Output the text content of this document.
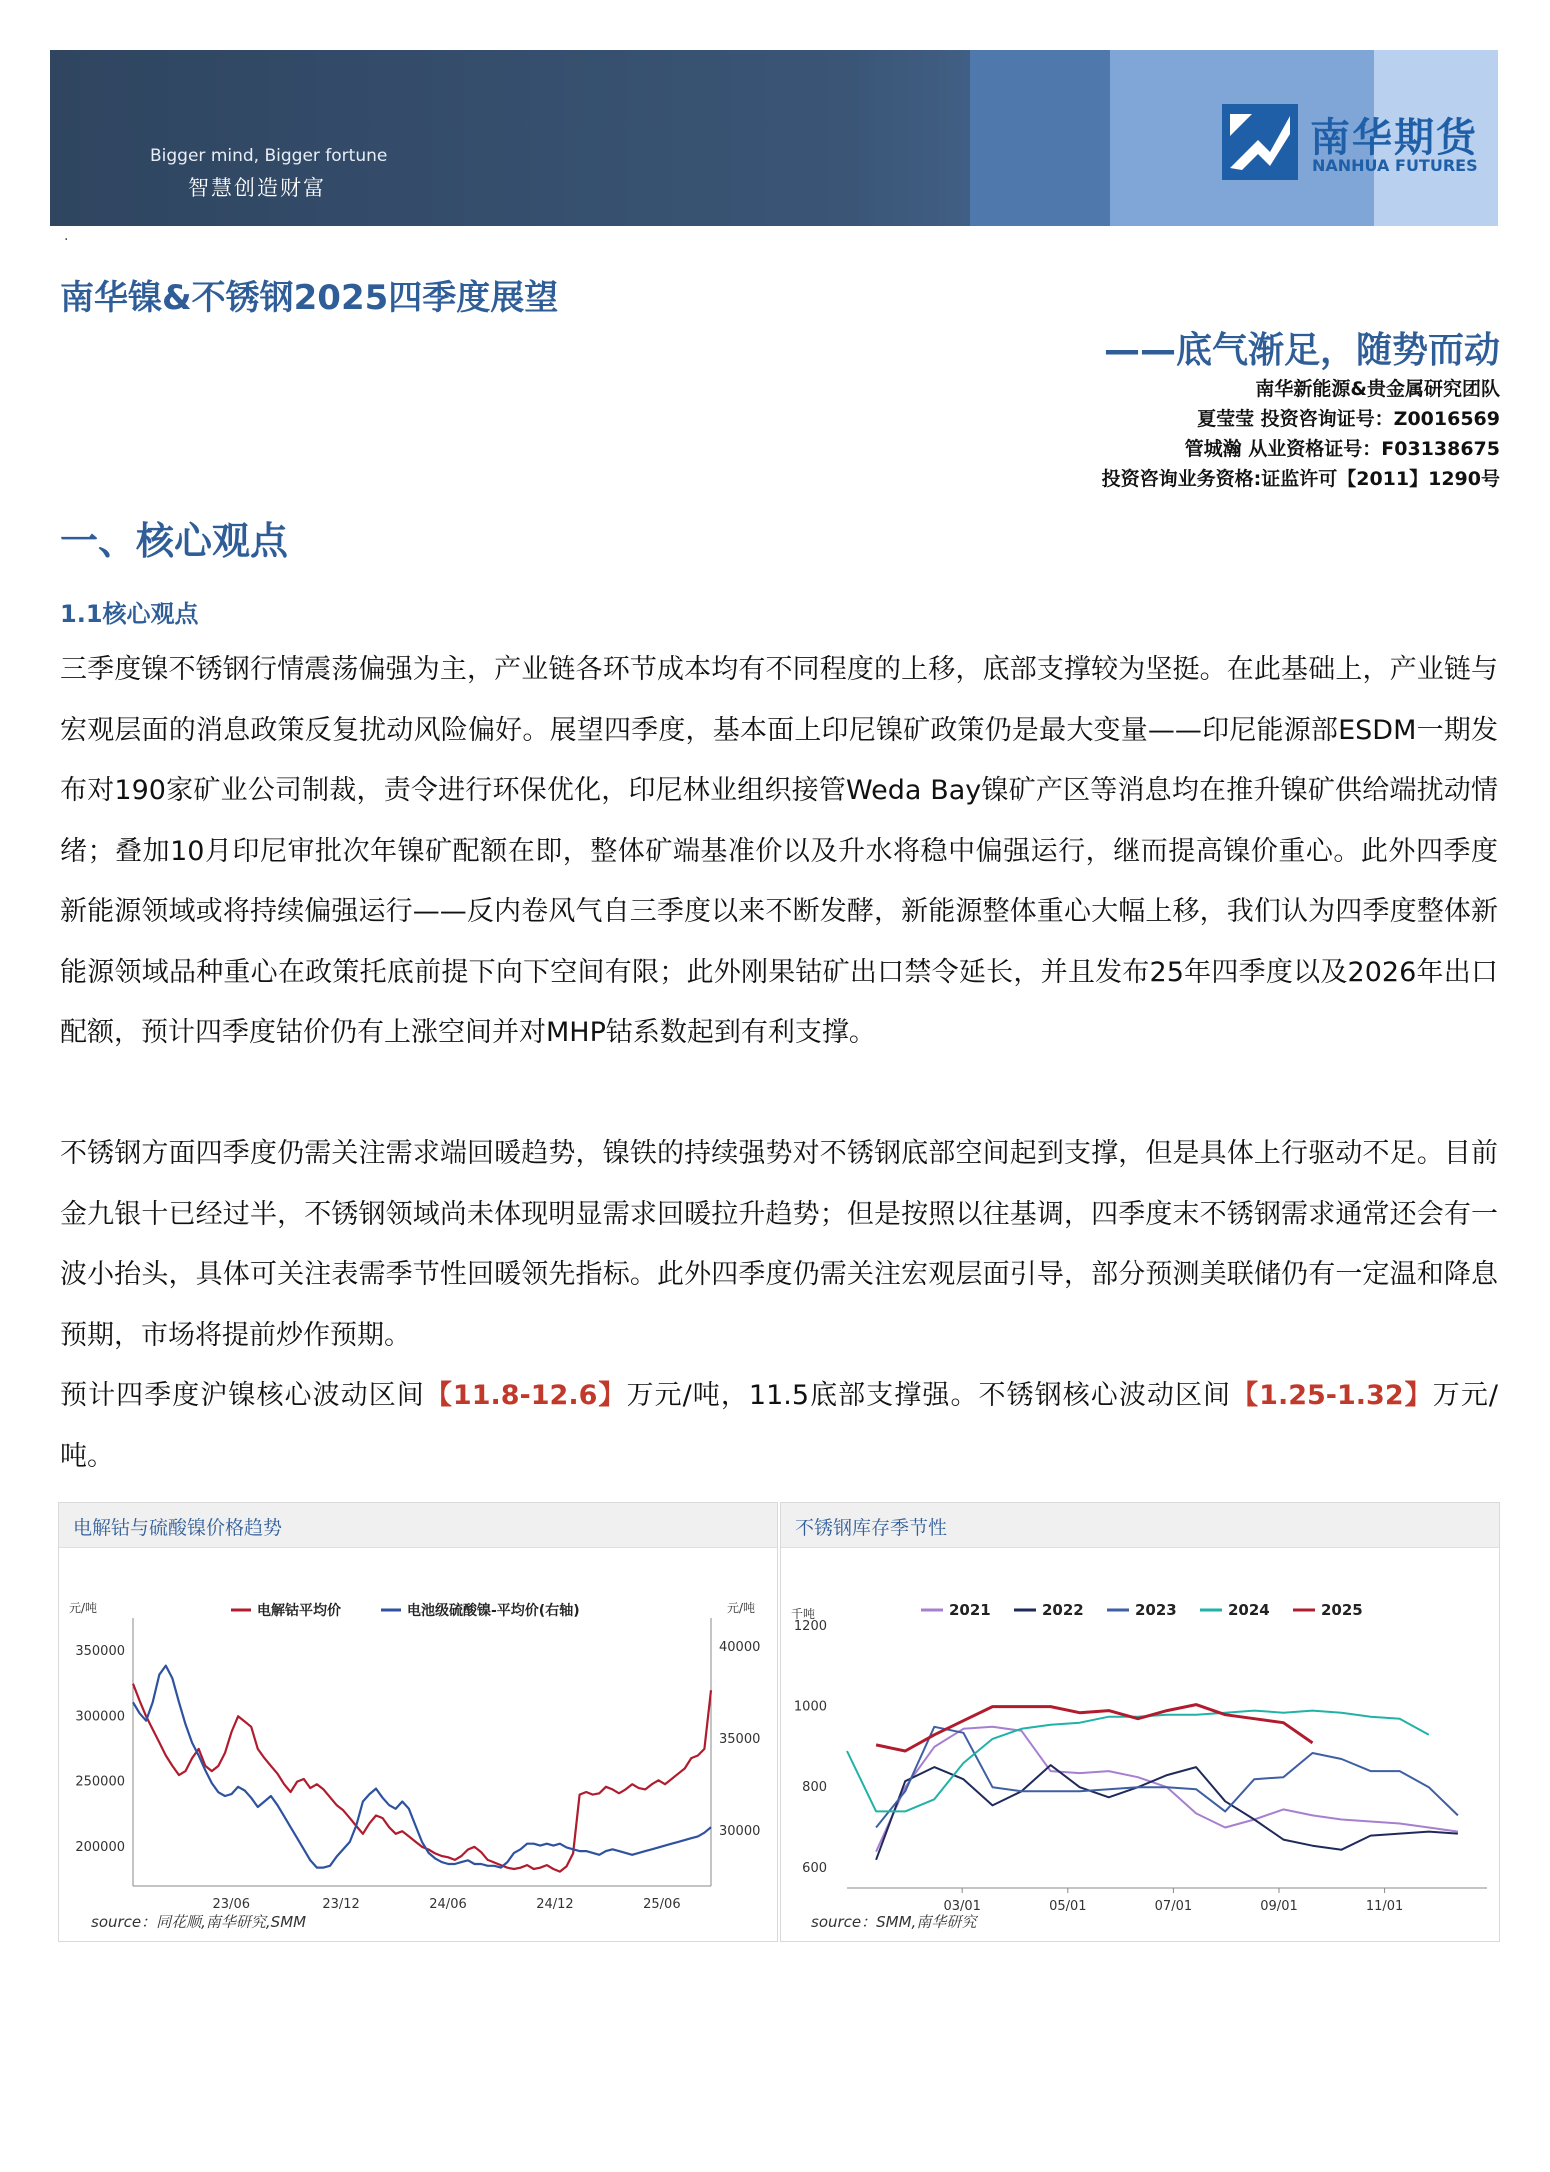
Bigger mind, Bigger fortune
智慧创造财富
南华期货
NANHUA FUTURES
·
南华镍&不锈钢2025四季度展望
——底气渐足，随势而动
南华新能源&贵金属研究团队
夏莹莹 投资咨询证号：Z0016569
管城瀚 从业资格证号：F03138675
投资咨询业务资格:证监许可【2011】1290号
一、核心观点
1.1核心观点

三季度镍不锈钢行情震荡偏强为主，产业链各环节成本均有不同程度的上移，底部支撑较为坚挺。在此基础上，产业链与宏观层面的消息政策反复扰动风险偏好。展望四季度，基本面上印尼镍矿政策仍是最大变量——印尼能源部ESDM一期发布对190家矿业公司制裁，责令进行环保优化，印尼林业组织接管Weda Bay镍矿产区等消息均在推升镍矿供给端扰动情绪；叠加10月印尼审批次年镍矿配额在即，整体矿端基准价以及升水将稳中偏强运行，继而提高镍价重心。此外四季度新能源领域或将持续偏强运行——反内卷风气自三季度以来不断发酵，新能源整体重心大幅上移，我们认为四季度整体新能源领域品种重心在政策托底前提下向下空间有限；此外刚果钴矿出口禁令延长，并且发布25年四季度以及2026年出口配额，预计四季度钴价仍有上涨空间并对MHP钴系数起到有利支撑。

不锈钢方面四季度仍需关注需求端回暖趋势，镍铁的持续强势对不锈钢底部空间起到支撑，但是具体上行驱动不足。目前金九银十已经过半，不锈钢领域尚未体现明显需求回暖拉升趋势；但是按照以往基调，四季度末不锈钢需求通常还会有一波小抬头，具体可关注表需季节性回暖领先指标。此外四季度仍需关注宏观层面引导，部分预测美联储仍有一定温和降息预期，市场将提前炒作预期。

预计四季度沪镍核心波动区间【11.8-12.6】万元/吨，11.5底部支撑强。不锈钢核心波动区间【1.25-1.32】万元/吨。

电解钴与硫酸镍价格趋势
元/吨	元/吨
350000
300000
250000
200000
40000
35000
30000
23/06	23/12	24/06	24/12	25/06
电解钴平均价	电池级硫酸镍-平均价(右轴)
source：同花顺,南华研究,SMM
不锈钢库存季节性
千吨
1200
1000
800
600
03/01	05/01	07/01	09/01	11/01
2021	2022	2023	2024	2025
source：SMM,南华研究
